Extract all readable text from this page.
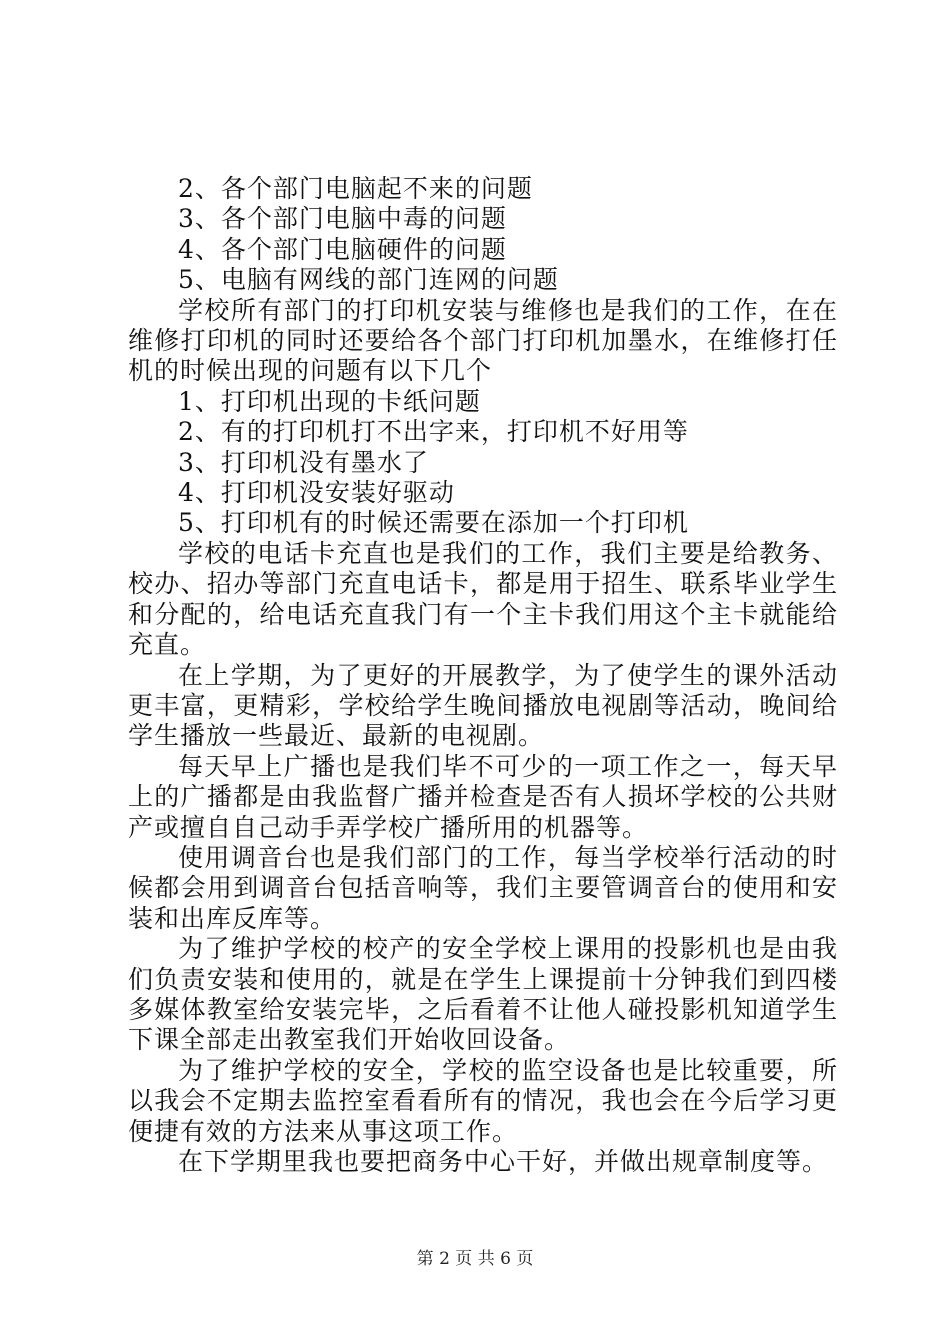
2、各个部门电脑起不来的问题

3、各个部门电脑中毒的问题

4、各个部门电脑硬件的问题

5、电脑有网线的部门连网的问题

学校所有部门的打印机安装与维修也是我们的工作，在在维修打印机的同时还要给各个部门打印机加墨水，在维修打任机的时候出现的问题有以下几个

1、打印机出现的卡纸问题

2、有的打印机打不出字来，打印机不好用等

3、打印机没有墨水了

4、打印机没安装好驱动

5、打印机有的时候还需要在添加一个打印机

学校的电话卡充直也是我们的工作，我们主要是给教务、校办、招办等部门充直电话卡，都是用于招生、联系毕业学生和分配的，给电话充直我门有一个主卡我们用这个主卡就能给充直。

在上学期，为了更好的开展教学，为了使学生的课外活动更丰富，更精彩，学校给学生晚间播放电视剧等活动，晚间给学生播放一些最近、最新的电视剧。

每天早上广播也是我们毕不可少的一项工作之一，每天早上的广播都是由我监督广播并检查是否有人损坏学校的公共财产或擅自自己动手弄学校广播所用的机器等。

使用调音台也是我们部门的工作，每当学校举行活动的时候都会用到调音台包括音响等，我们主要管调音台的使用和安装和出库反库等。

为了维护学校的校产的安全学校上课用的投影机也是由我们负责安装和使用的，就是在学生上课提前十分钟我们到四楼多媒体教室给安装完毕，之后看着不让他人碰投影机知道学生下课全部走出教室我们开始收回设备。

为了维护学校的安全，学校的监空设备也是比较重要，所以我会不定期去监控室看看所有的情况，我也会在今后学习更便捷有效的方法来从事这项工作。

在下学期里我也要把商务中心干好，并做出规章制度等。

第 2 页 共 6 页
